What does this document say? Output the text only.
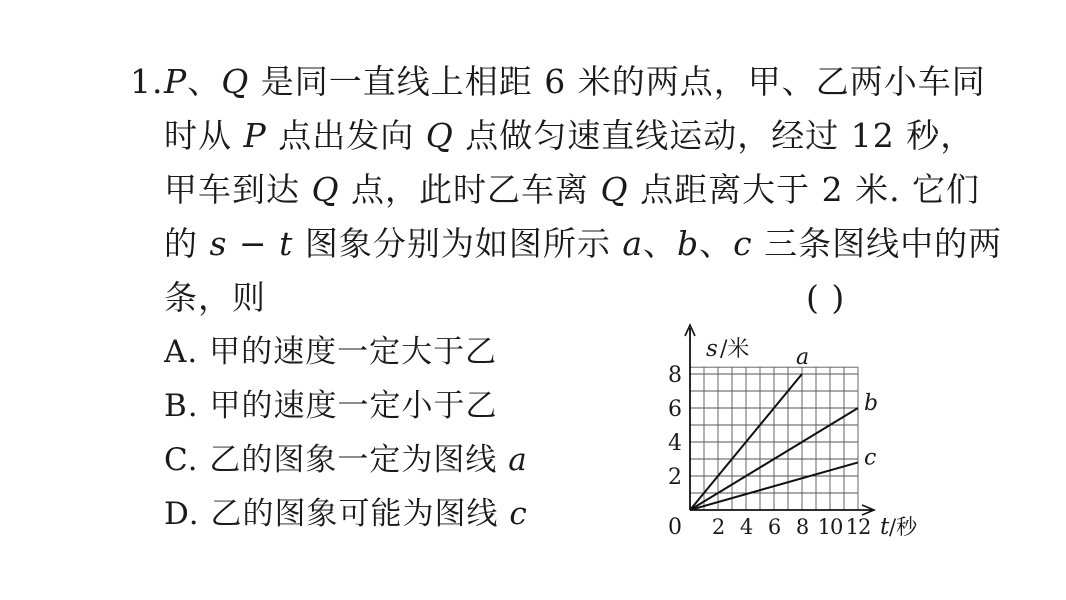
1. P、Q 是同一直线上相距 6 米的两点，甲、乙两小车同
时从 P 点出发向 Q 点做匀速直线运动，经过 12 秒，
甲车到达 Q 点，此时乙车离 Q 点距离大于 2 米. 它们
的 s − t 图象分别为如图所示 a、b、c 三条图线中的两
条，则	( )
A. 甲的速度一定大于乙
B. 甲的速度一定小于乙
C. 乙的图象一定为图线 a
D. 乙的图象可能为图线 c
a
b
c
2 4 6 8 10 12
2
4
6
8
0
s /米
t /秒
